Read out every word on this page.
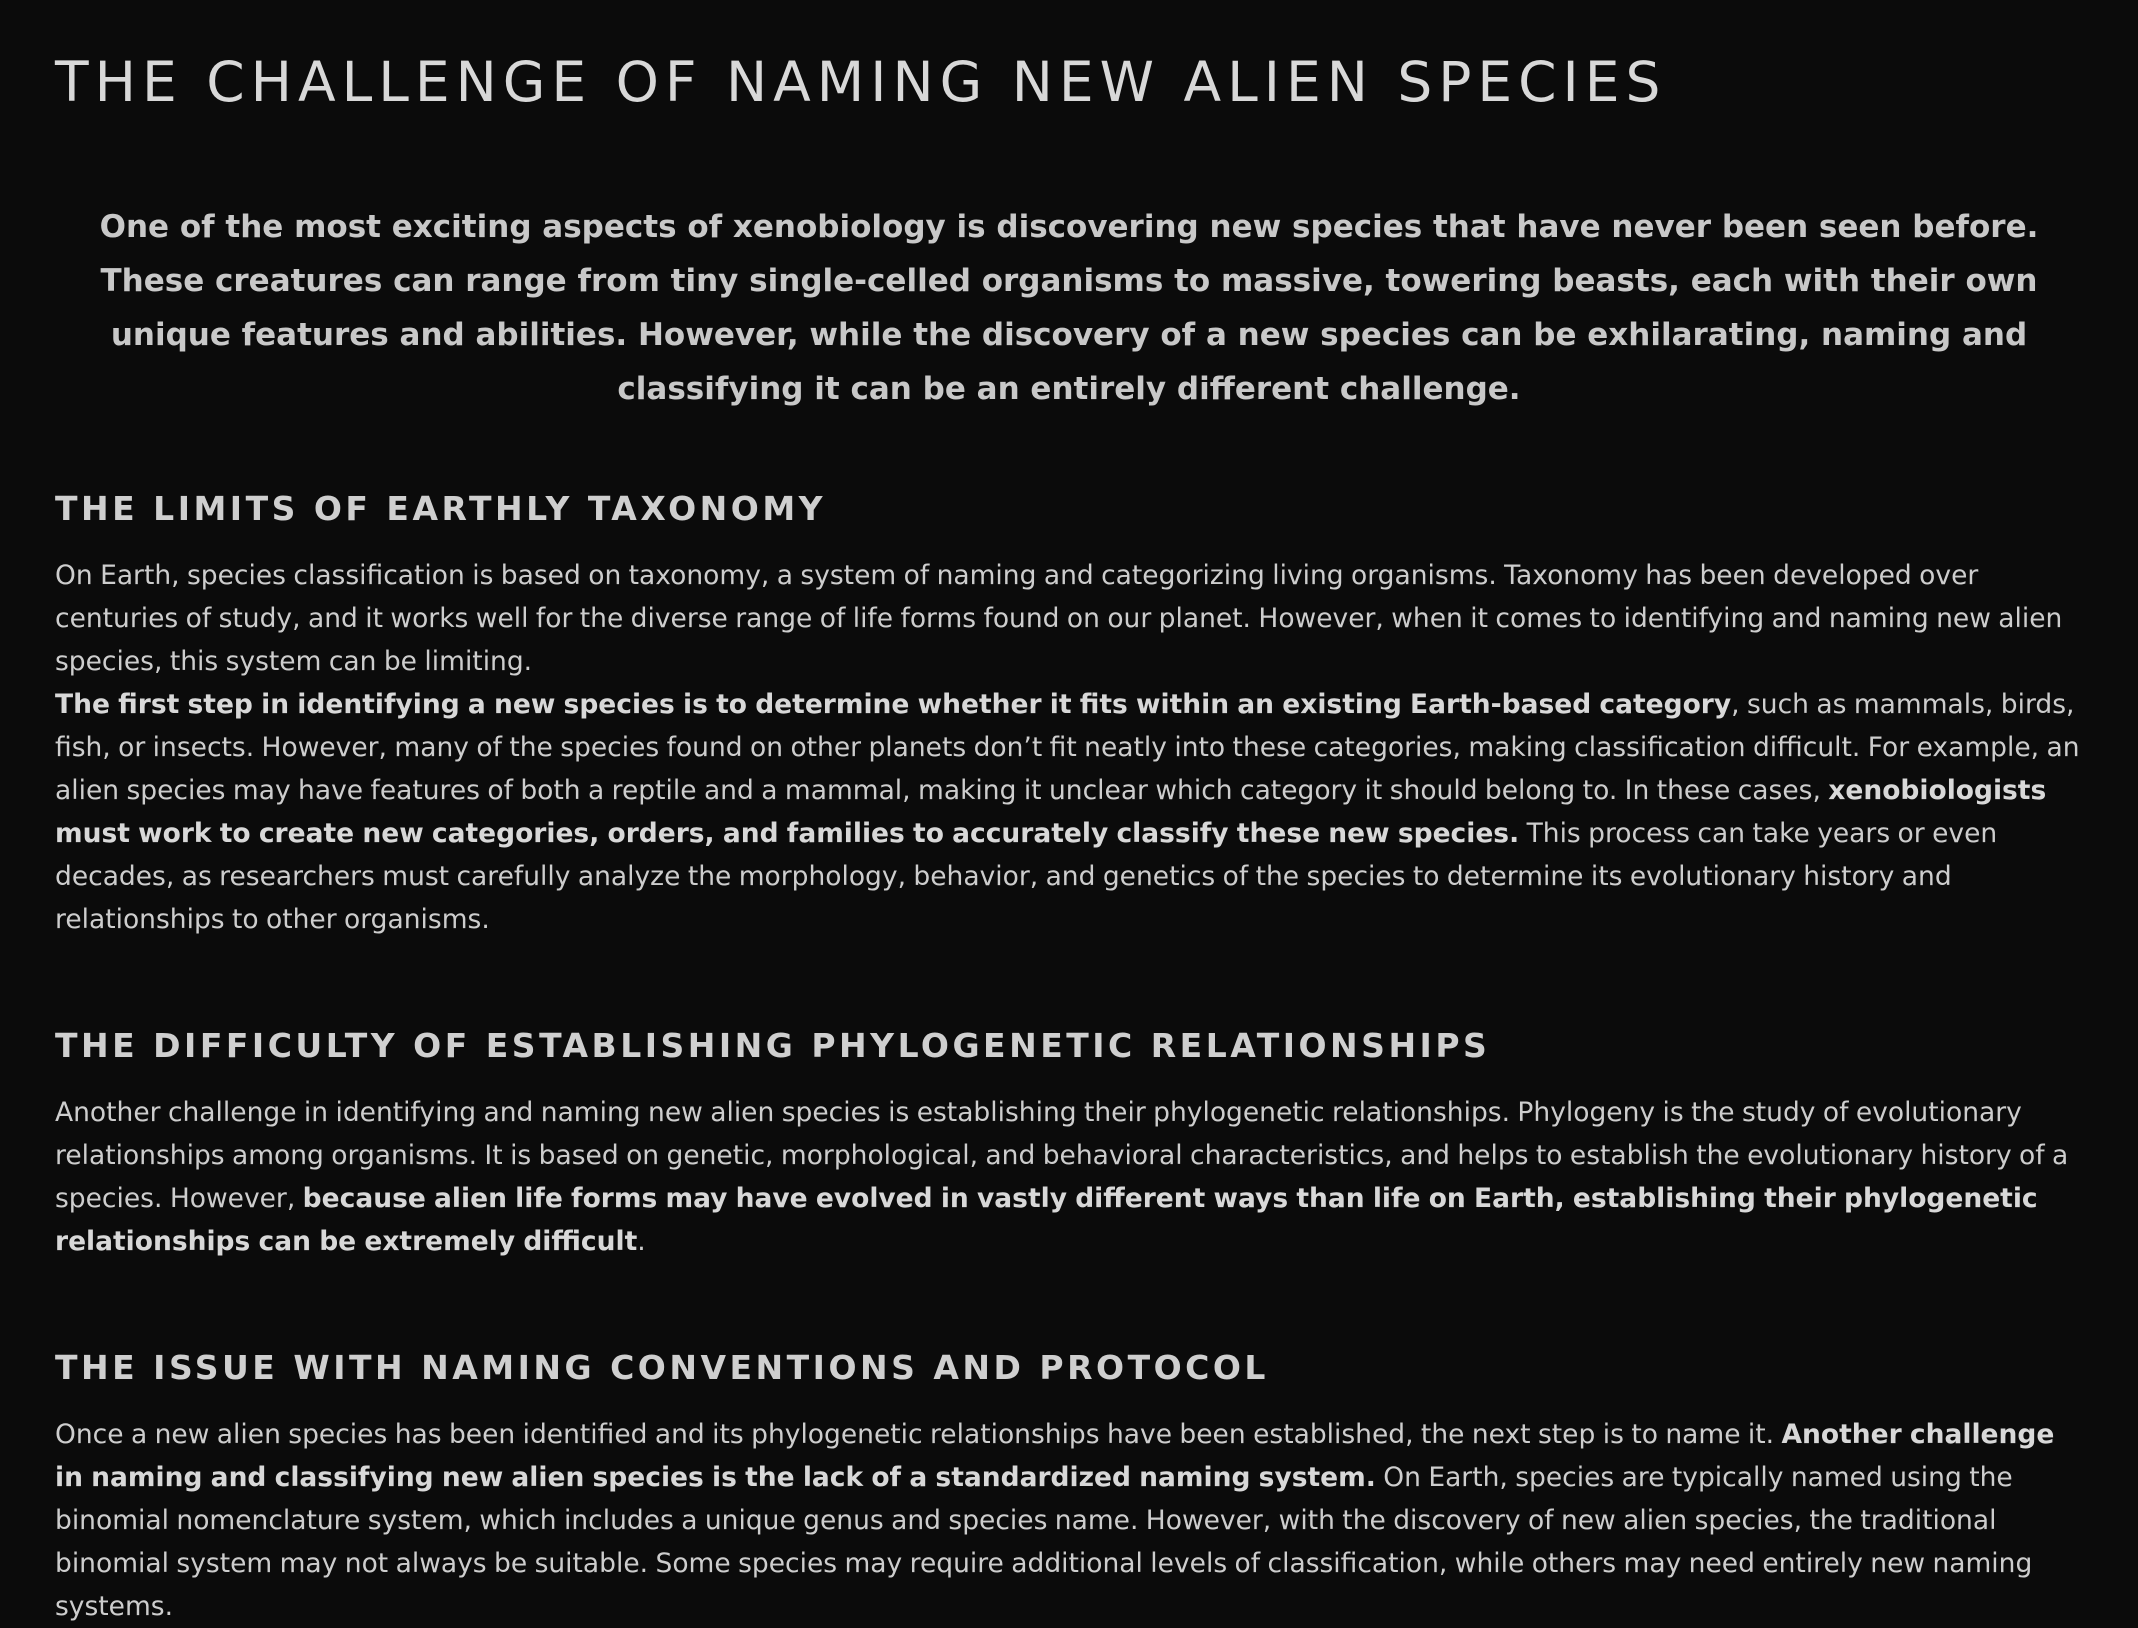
THE CHALLENGE OF NAMING NEW ALIEN SPECIES

One of the most exciting aspects of xenobiology is discovering new species that have never been seen before. These creatures can range from tiny single-celled organisms to massive, towering beasts, each with their own unique features and abilities. However, while the discovery of a new species can be exhilarating, naming and classifying it can be an entirely different challenge.

THE LIMITS OF EARTHLY TAXONOMY

On Earth, species classification is based on taxonomy, a system of naming and categorizing living organisms. Taxonomy has been developed over centuries of study, and it works well for the diverse range of life forms found on our planet. However, when it comes to identifying and naming new alien species, this system can be limiting.

The first step in identifying a new species is to determine whether it fits within an existing Earth-based category, such as mammals, birds, fish, or insects. However, many of the species found on other planets don’t fit neatly into these categories, making classification difficult. For example, an alien species may have features of both a reptile and a mammal, making it unclear which category it should belong to. In these cases, xenobiologists must work to create new categories, orders, and families to accurately classify these new species. This process can take years or even decades, as researchers must carefully analyze the morphology, behavior, and genetics of the species to determine its evolutionary history and relationships to other organisms.

THE DIFFICULTY OF ESTABLISHING PHYLOGENETIC RELATIONSHIPS

Another challenge in identifying and naming new alien species is establishing their phylogenetic relationships. Phylogeny is the study of evolutionary relationships among organisms. It is based on genetic, morphological, and behavioral characteristics, and helps to establish the evolutionary history of a species. However, because alien life forms may have evolved in vastly different ways than life on Earth, establishing their phylogenetic relationships can be extremely difficult.

THE ISSUE WITH NAMING CONVENTIONS AND PROTOCOL

Once a new alien species has been identified and its phylogenetic relationships have been established, the next step is to name it. Another challenge in naming and classifying new alien species is the lack of a standardized naming system. On Earth, species are typically named using the binomial nomenclature system, which includes a unique genus and species name. However, with the discovery of new alien species, the traditional binomial system may not always be suitable. Some species may require additional levels of classification, while others may need entirely new naming systems.
